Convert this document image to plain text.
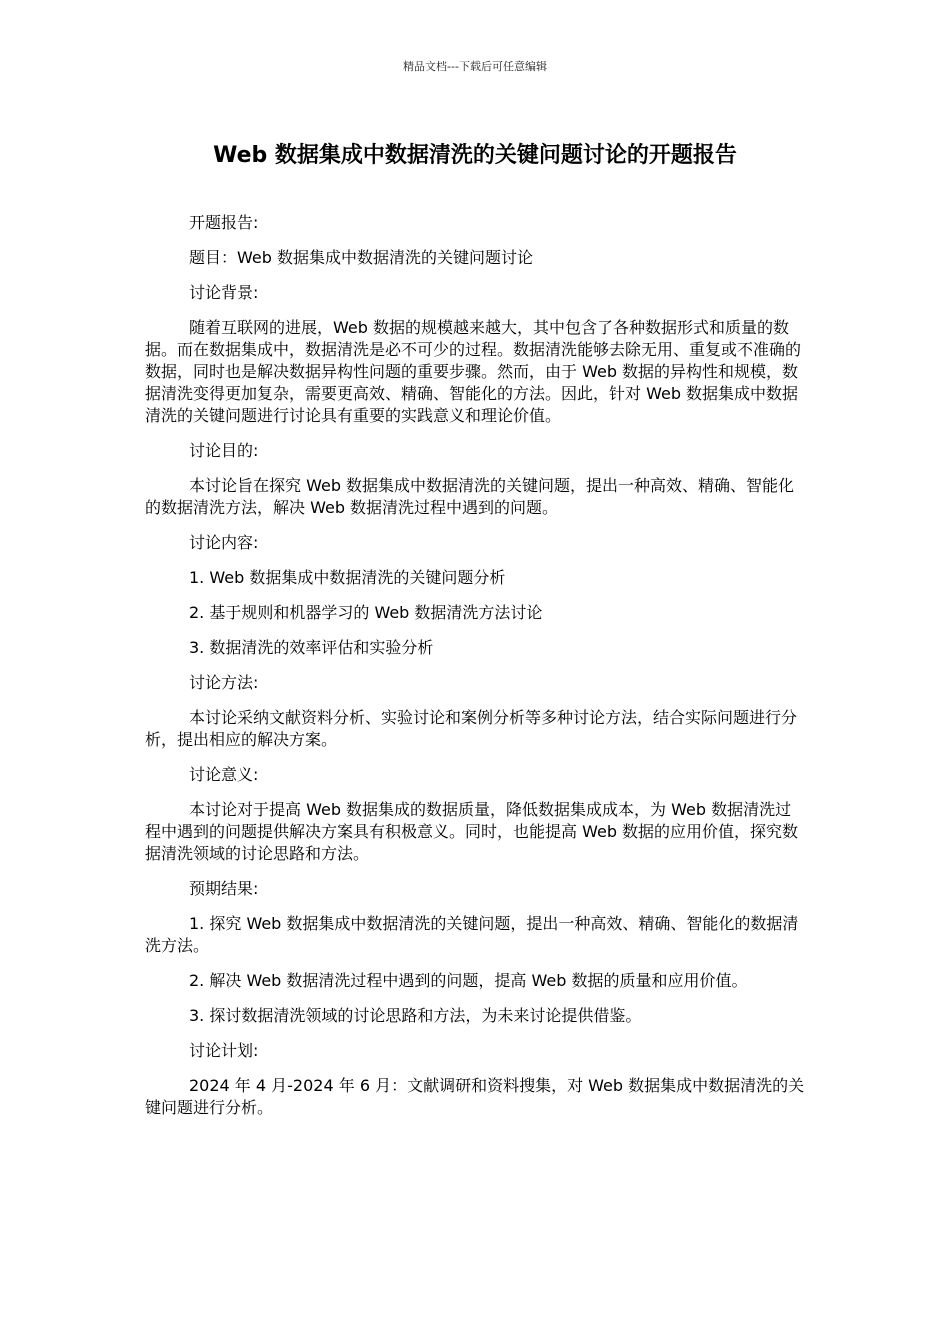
精品文档---下载后可任意编辑
Web 数据集成中数据清洗的关键问题讨论的开题报告

开题报告:

题目：Web 数据集成中数据清洗的关键问题讨论

讨论背景:

随着互联网的进展，Web 数据的规模越来越大，其中包含了各种数据形式和质量的数据。而在数据集成中，数据清洗是必不可少的过程。数据清洗能够去除无用、重复或不准确的数据，同时也是解决数据异构性问题的重要步骤。然而，由于 Web 数据的异构性和规模，数据清洗变得更加复杂，需要更高效、精确、智能化的方法。因此，针对 Web 数据集成中数据清洗的关键问题进行讨论具有重要的实践意义和理论价值。

讨论目的:

本讨论旨在探究 Web 数据集成中数据清洗的关键问题，提出一种高效、精确、智能化的数据清洗方法，解决 Web 数据清洗过程中遇到的问题。

讨论内容:

1. Web 数据集成中数据清洗的关键问题分析

2. 基于规则和机器学习的 Web 数据清洗方法讨论

3. 数据清洗的效率评估和实验分析

讨论方法:

本讨论采纳文献资料分析、实验讨论和案例分析等多种讨论方法，结合实际问题进行分析，提出相应的解决方案。

讨论意义:

本讨论对于提高 Web 数据集成的数据质量，降低数据集成成本，为 Web 数据清洗过程中遇到的问题提供解决方案具有积极意义。同时，也能提高 Web 数据的应用价值，探究数据清洗领域的讨论思路和方法。

预期结果:

1. 探究 Web 数据集成中数据清洗的关键问题，提出一种高效、精确、智能化的数据清洗方法。

2. 解决 Web 数据清洗过程中遇到的问题，提高 Web 数据的质量和应用价值。

3. 探讨数据清洗领域的讨论思路和方法，为未来讨论提供借鉴。

讨论计划:

2024 年 4 月-2024 年 6 月：文献调研和资料搜集，对 Web 数据集成中数据清洗的关键问题进行分析。
